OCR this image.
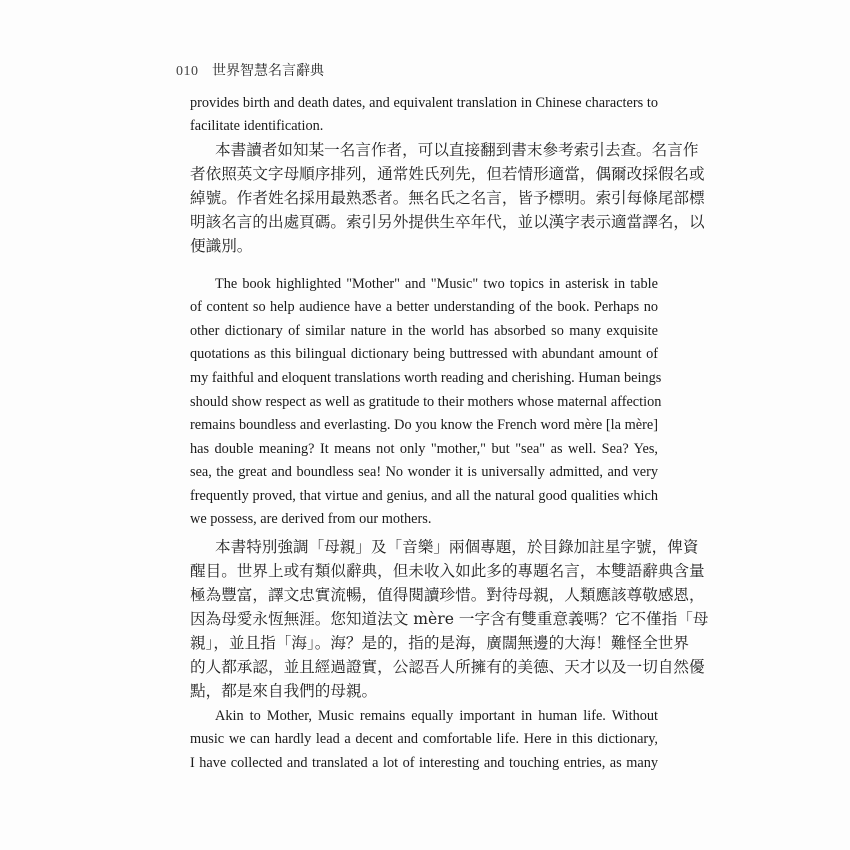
010 世界智慧名言辭典
provides birth and death dates, and equivalent translation in Chinese characters to
facilitate identification.
本書讀者如知某一名言作者，可以直接翻到書末參考索引去查。名言作
者依照英文字母順序排列，通常姓氏列先，但若情形適當，偶爾改採假名或
綽號。作者姓名採用最熟悉者。無名氏之名言，皆予標明。索引每條尾部標
明該名言的出處頁碼。索引另外提供生卒年代，並以漢字表示適當譯名，以
便識別。
The book highlighted "Mother" and "Music" two topics in asterisk in table
of content so help audience have a better understanding of the book. Perhaps no
other dictionary of similar nature in the world has absorbed so many exquisite
quotations as this bilingual dictionary being buttressed with abundant amount of
my faithful and eloquent translations worth reading and cherishing. Human beings
should show respect as well as gratitude to their mothers whose maternal affection
remains boundless and everlasting. Do you know the French word mère [la mère]
has double meaning? It means not only "mother," but "sea" as well. Sea? Yes,
sea, the great and boundless sea! No wonder it is universally admitted, and very
frequently proved, that virtue and genius, and all the natural good qualities which
we possess, are derived from our mothers.
本書特別強調「母親」及「音樂」兩個專題，於目錄加註星字號，俾資
醒目。世界上或有類似辭典，但未收入如此多的專題名言，本雙語辭典含量
極為豐富，譯文忠實流暢，值得閱讀珍惜。對待母親，人類應該尊敬感恩，
因為母愛永恆無涯。您知道法文 mère 一字含有雙重意義嗎？它不僅指「母
親」，並且指「海」。海？是的，指的是海，廣闊無邊的大海！難怪全世界
的人都承認，並且經過證實，公認吾人所擁有的美德、天才以及一切自然優
點，都是來自我們的母親。
Akin to Mother, Music remains equally important in human life. Without
music we can hardly lead a decent and comfortable life. Here in this dictionary,
I have collected and translated a lot of interesting and touching entries, as many
